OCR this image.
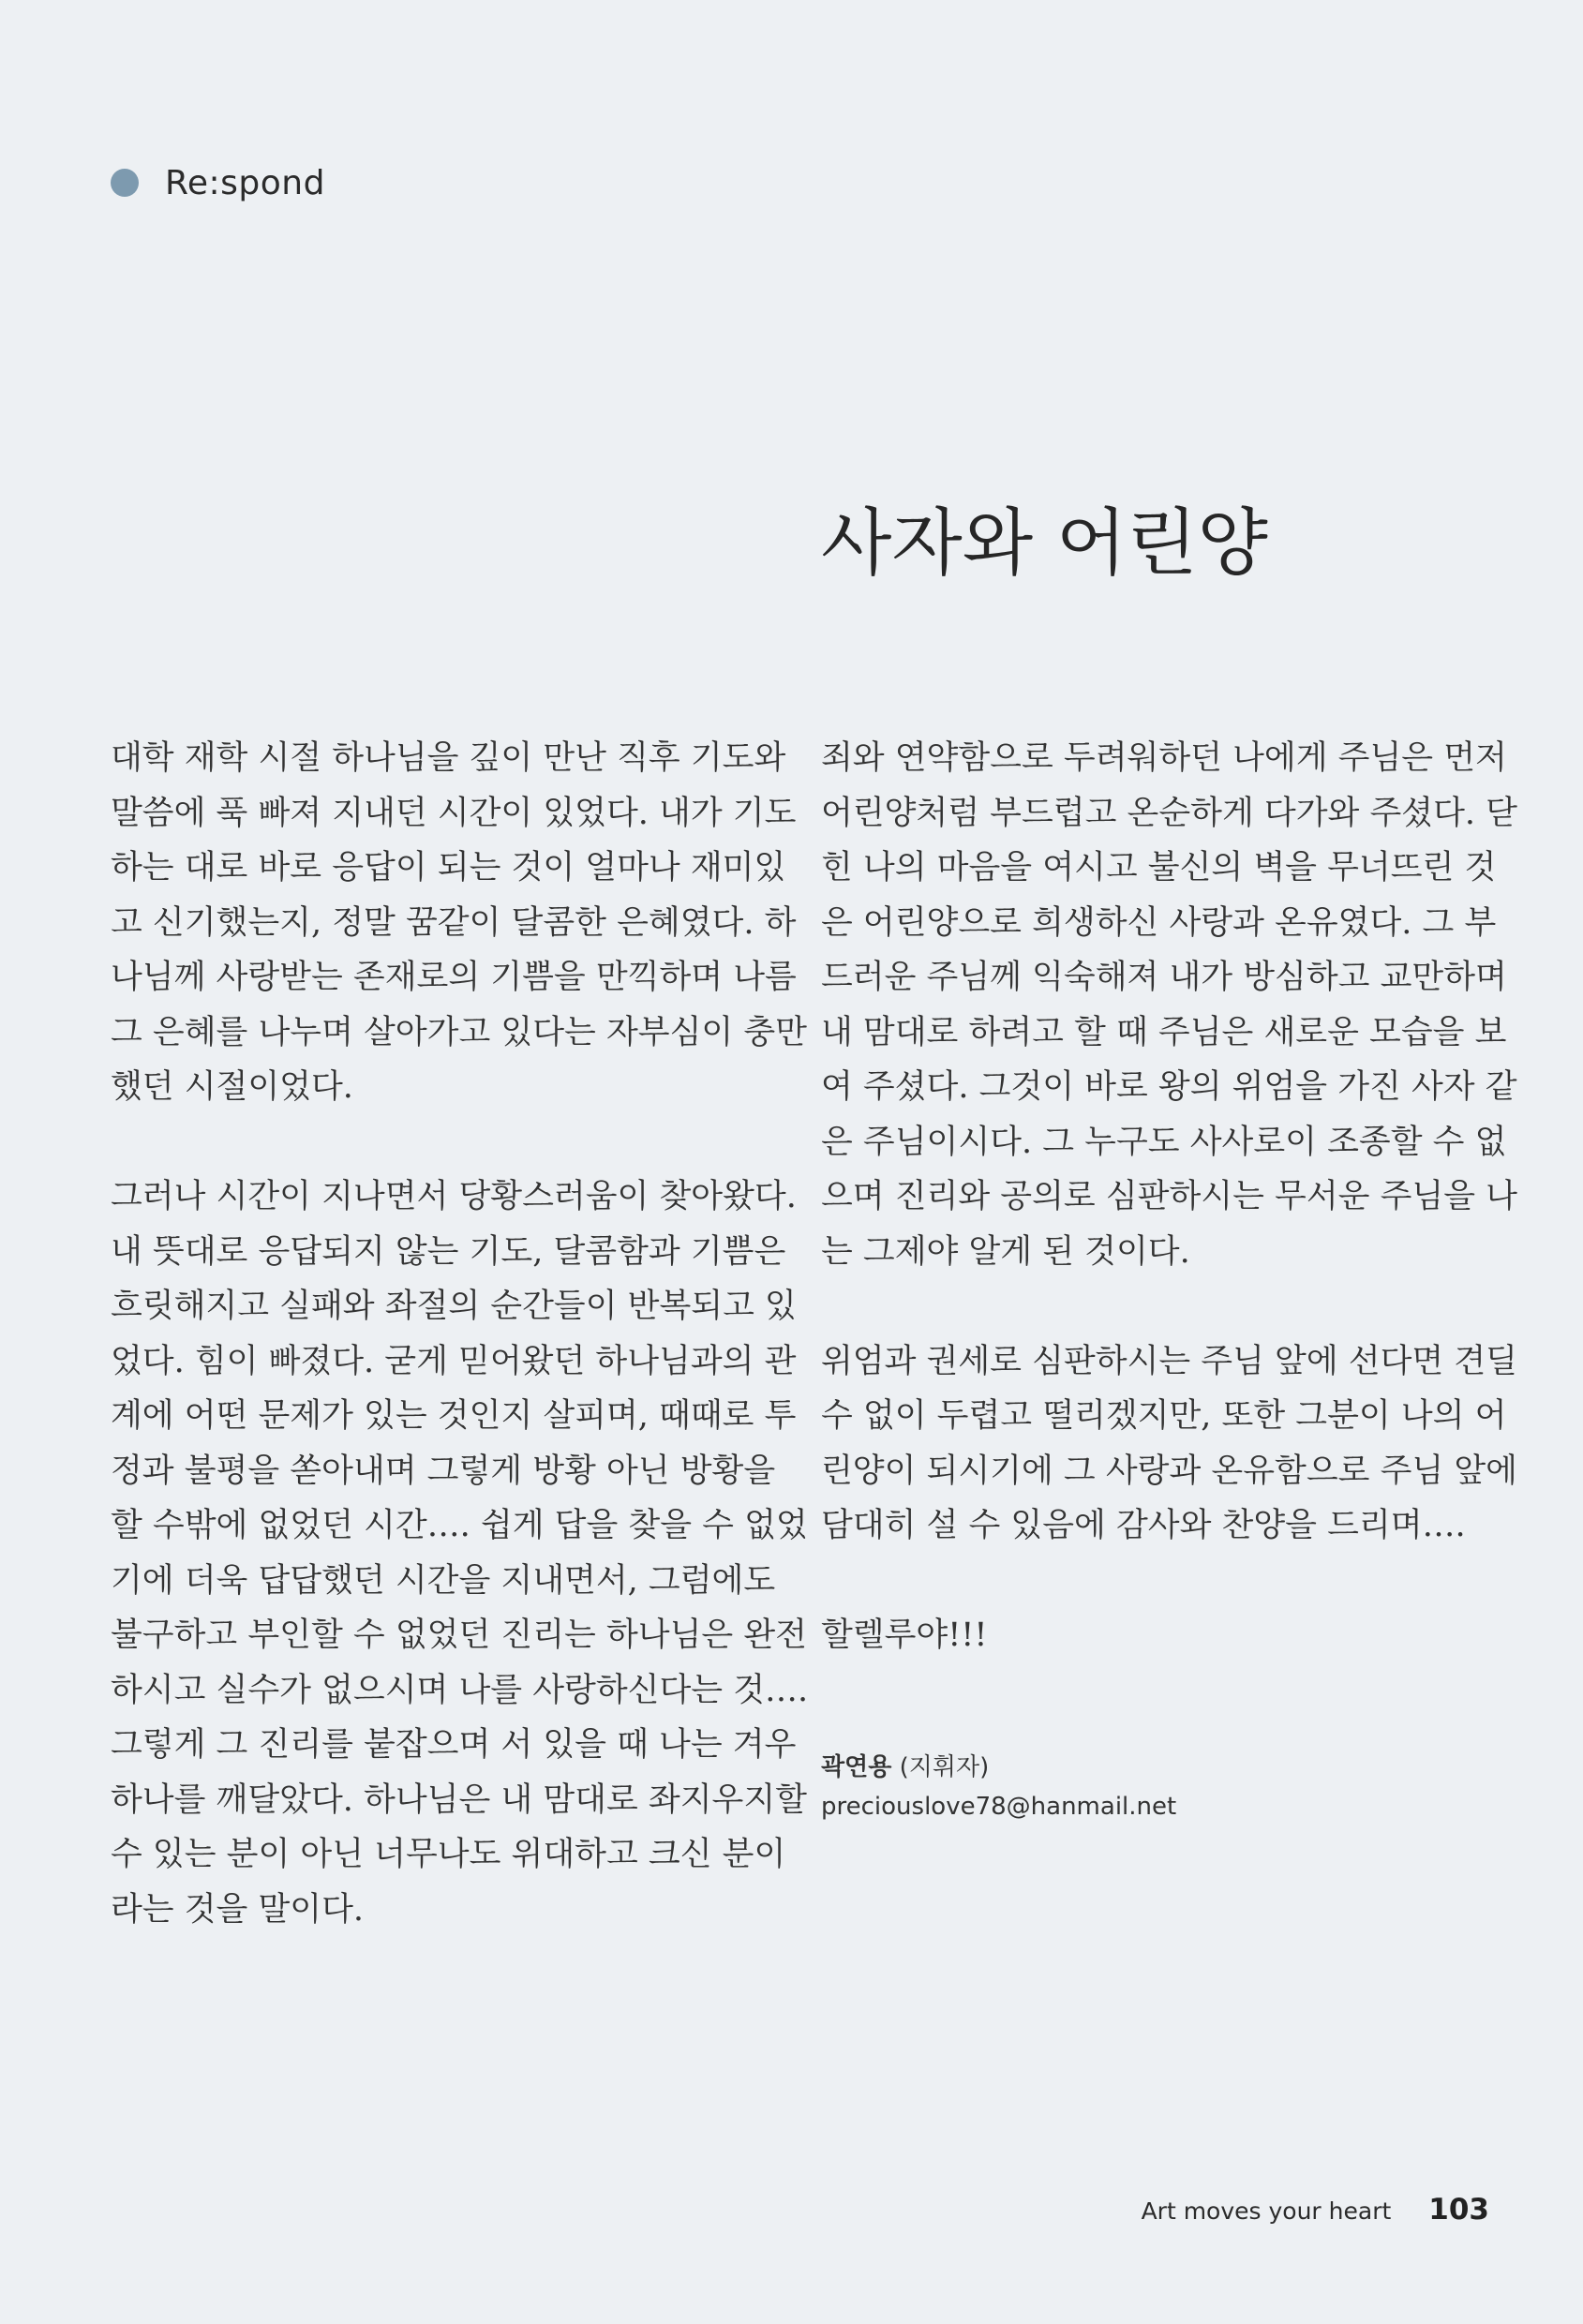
Re:spond
사자와 어린양

대학 재학 시절 하나님을 깊이 만난 직후 기도와
말씀에 푹 빠져 지내던 시간이 있었다. 내가 기도
하는 대로 바로 응답이 되는 것이 얼마나 재미있
고 신기했는지, 정말 꿈같이 달콤한 은혜였다. 하
나님께 사랑받는 존재로의 기쁨을 만끽하며 나름
그 은혜를 나누며 살아가고 있다는 자부심이 충만
했던 시절이었다.

그러나 시간이 지나면서 당황스러움이 찾아왔다.
내 뜻대로 응답되지 않는 기도, 달콤함과 기쁨은
흐릿해지고 실패와 좌절의 순간들이 반복되고 있
었다. 힘이 빠졌다. 굳게 믿어왔던 하나님과의 관
계에 어떤 문제가 있는 것인지 살피며, 때때로 투
정과 불평을 쏟아내며 그렇게 방황 아닌 방황을
할 수밖에 없었던 시간…. 쉽게 답을 찾을 수 없었
기에 더욱 답답했던 시간을 지내면서, 그럼에도
불구하고 부인할 수 없었던 진리는 하나님은 완전
하시고 실수가 없으시며 나를 사랑하신다는 것….
그렇게 그 진리를 붙잡으며 서 있을 때 나는 겨우
하나를 깨달았다. 하나님은 내 맘대로 좌지우지할
수 있는 분이 아닌 너무나도 위대하고 크신 분이
라는 것을 말이다.

죄와 연약함으로 두려워하던 나에게 주님은 먼저
어린양처럼 부드럽고 온순하게 다가와 주셨다. 닫
힌 나의 마음을 여시고 불신의 벽을 무너뜨린 것
은 어린양으로 희생하신 사랑과 온유였다. 그 부
드러운 주님께 익숙해져 내가 방심하고 교만하며
내 맘대로 하려고 할 때 주님은 새로운 모습을 보
여 주셨다. 그것이 바로 왕의 위엄을 가진 사자 같
은 주님이시다. 그 누구도 사사로이 조종할 수 없
으며 진리와 공의로 심판하시는 무서운 주님을 나
는 그제야 알게 된 것이다.

위엄과 권세로 심판하시는 주님 앞에 선다면 견딜
수 없이 두렵고 떨리겠지만, 또한 그분이 나의 어
린양이 되시기에 그 사랑과 온유함으로 주님 앞에
담대히 설 수 있음에 감사와 찬양을 드리며….

할렐루야!!!

곽연용 (지휘자)
preciouslove78@hanmail.net
Art moves your heart 103
